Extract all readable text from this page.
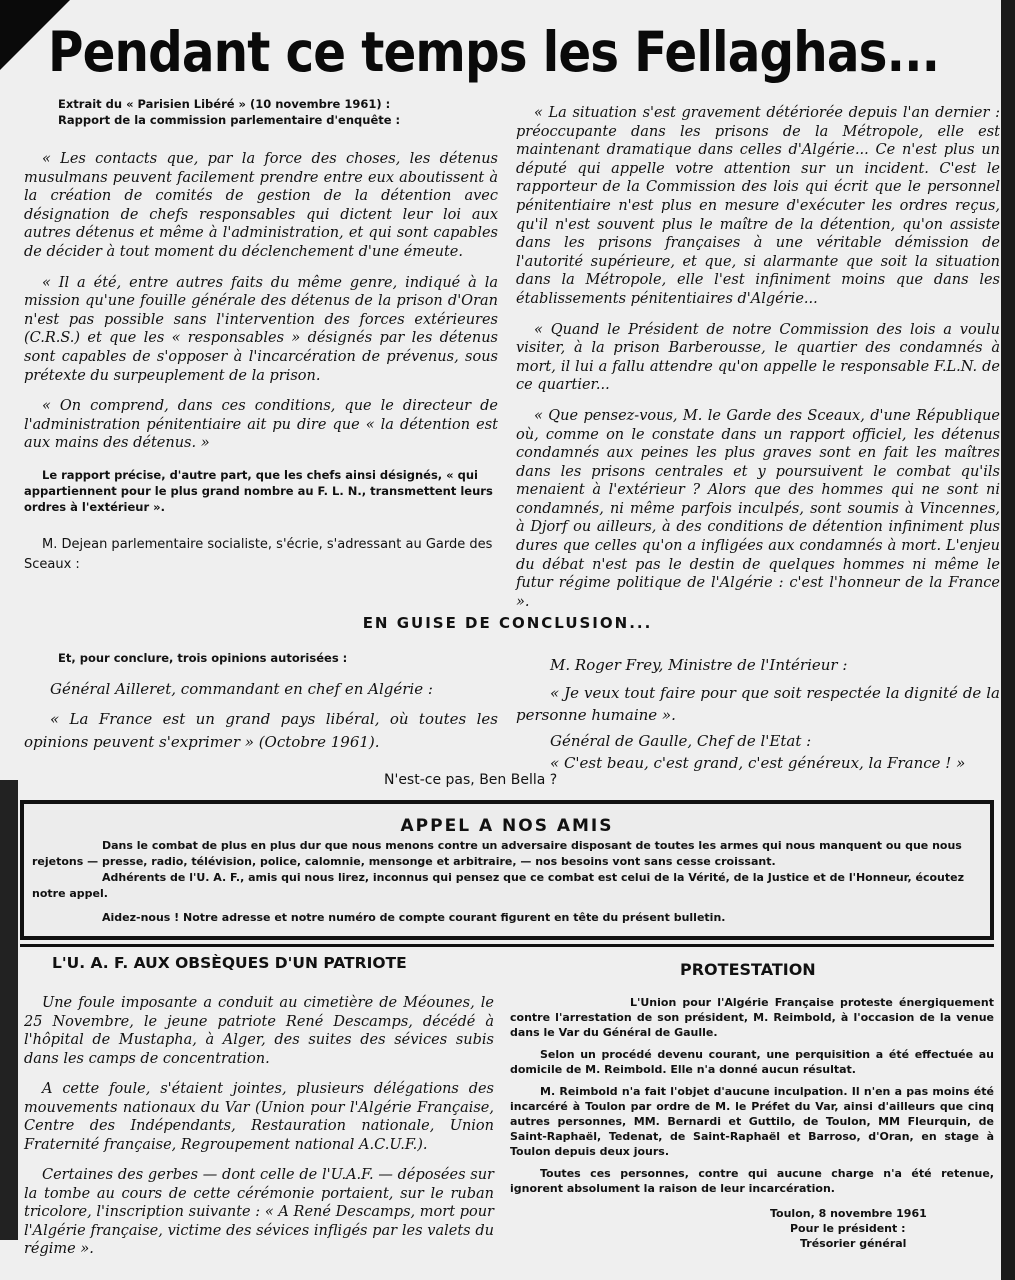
Pendant ce temps les Fellaghas...

Extrait du « Parisien Libéré » (10 novembre 1961) :

Rapport de la commission parlementaire d'enquête :

« Les contacts que, par la force des choses, les détenus musulmans peuvent facilement prendre entre eux aboutissent à la création de comités de gestion de la détention avec désignation de chefs responsables qui dictent leur loi aux autres détenus et même à l'administration, et qui sont capables de décider à tout moment du déclenchement d'une émeute.

« Il a été, entre autres faits du même genre, indiqué à la mission qu'une fouille générale des détenus de la prison d'Oran n'est pas possible sans l'intervention des forces extérieures (C.R.S.) et que les « responsables » désignés par les détenus sont capables de s'opposer à l'incarcération de prévenus, sous prétexte du surpeuplement de la prison.

« On comprend, dans ces conditions, que le directeur de l'administration pénitentiaire ait pu dire que « la détention est aux mains des détenus. »

Le rapport précise, d'autre part, que les chefs ainsi désignés, « qui appartiennent pour le plus grand nombre au F. L. N., transmettent leurs ordres à l'extérieur ».

M. Dejean parlementaire socialiste, s'écrie, s'adressant au Garde des Sceaux :

« La situation s'est gravement détériorée depuis l'an dernier : préoccupante dans les prisons de la Métropole, elle est maintenant dramatique dans celles d'Algérie... Ce n'est plus un député qui appelle votre attention sur un incident. C'est le rapporteur de la Commission des lois qui écrit que le personnel pénitentiaire n'est plus en mesure d'exécuter les ordres reçus, qu'il n'est souvent plus le maître de la détention, qu'on assiste dans les prisons françaises à une véritable démission de l'autorité supérieure, et que, si alarmante que soit la situation dans la Métropole, elle l'est infiniment moins que dans les établissements pénitentiaires d'Algérie...

« Quand le Président de notre Commission des lois a voulu visiter, à la prison Barberousse, le quartier des condamnés à mort, il lui a fallu attendre qu'on appelle le responsable F.L.N. de ce quartier...

« Que pensez-vous, M. le Garde des Sceaux, d'une République où, comme on le constate dans un rapport officiel, les détenus condamnés aux peines les plus graves sont en fait les maîtres dans les prisons centrales et y poursuivent le combat qu'ils menaient à l'extérieur ? Alors que des hommes qui ne sont ni condamnés, ni même parfois inculpés, sont soumis à Vincennes, à Djorf ou ailleurs, à des conditions de détention infiniment plus dures que celles qu'on a infligées aux condamnés à mort. L'enjeu du débat n'est pas le destin de quelques hommes ni même le futur régime politique de l'Algérie : c'est l'honneur de la France ».

EN GUISE DE CONCLUSION...

Et, pour conclure, trois opinions autorisées :

Général Ailleret, commandant en chef en Algérie :

« La France est un grand pays libéral, où toutes les opinions peuvent s'exprimer » (Octobre 1961).

M. Roger Frey, Ministre de l'Intérieur :

« Je veux tout faire pour que soit respectée la dignité de la personne humaine ».

Général de Gaulle, Chef de l'Etat :

« C'est beau, c'est grand, c'est généreux, la France ! »

N'est-ce pas, Ben Bella ?

APPEL A NOS AMIS

Dans le combat de plus en plus dur que nous menons contre un adversaire disposant de toutes les armes qui nous manquent ou que nous rejetons — presse, radio, télévision, police, calomnie, mensonge et arbitraire, — nos besoins vont sans cesse croissant.

Adhérents de l'U. A. F., amis qui nous lirez, inconnus qui pensez que ce combat est celui de la Vérité, de la Justice et de l'Honneur, écoutez notre appel.

Aidez-nous ! Notre adresse et notre numéro de compte courant figurent en tête du présent bulletin.

L'U. A. F. AUX OBSÈQUES D'UN PATRIOTE

Une foule imposante a conduit au cimetière de Méounes, le 25 Novembre, le jeune patriote René Descamps, décédé à l'hôpital de Mustapha, à Alger, des suites des sévices subis dans les camps de concentration.

A cette foule, s'étaient jointes, plusieurs délégations des mouvements nationaux du Var (Union pour l'Algérie Française, Centre des Indépendants, Restauration nationale, Union Fraternité française, Regroupement national A.C.U.F.).

Certaines des gerbes — dont celle de l'U.A.F. — déposées sur la tombe au cours de cette cérémonie portaient, sur le ruban tricolore, l'inscription suivante : « A René Descamps, mort pour l'Algérie française, victime des sévices infligés par les valets du régime ».

PROTESTATION

L'Union pour l'Algérie Française proteste énergiquement contre l'arrestation de son président, M. Reimbold, à l'occasion de la venue dans le Var du Général de Gaulle.

Selon un procédé devenu courant, une perquisition a été effectuée au domicile de M. Reimbold. Elle n'a donné aucun résultat.

M. Reimbold n'a fait l'objet d'aucune inculpation. Il n'en a pas moins été incarcéré à Toulon par ordre de M. le Préfet du Var, ainsi d'ailleurs que cinq autres personnes, MM. Bernardi et Guttilo, de Toulon, MM Fleurquin, de Saint-Raphaël, Tedenat, de Saint-Raphaël et Barroso, d'Oran, en stage à Toulon depuis deux jours.

Toutes ces personnes, contre qui aucune charge n'a été retenue, ignorent absolument la raison de leur incarcération.

Toulon, 8 novembre 1961

Pour le président :

Trésorier général
